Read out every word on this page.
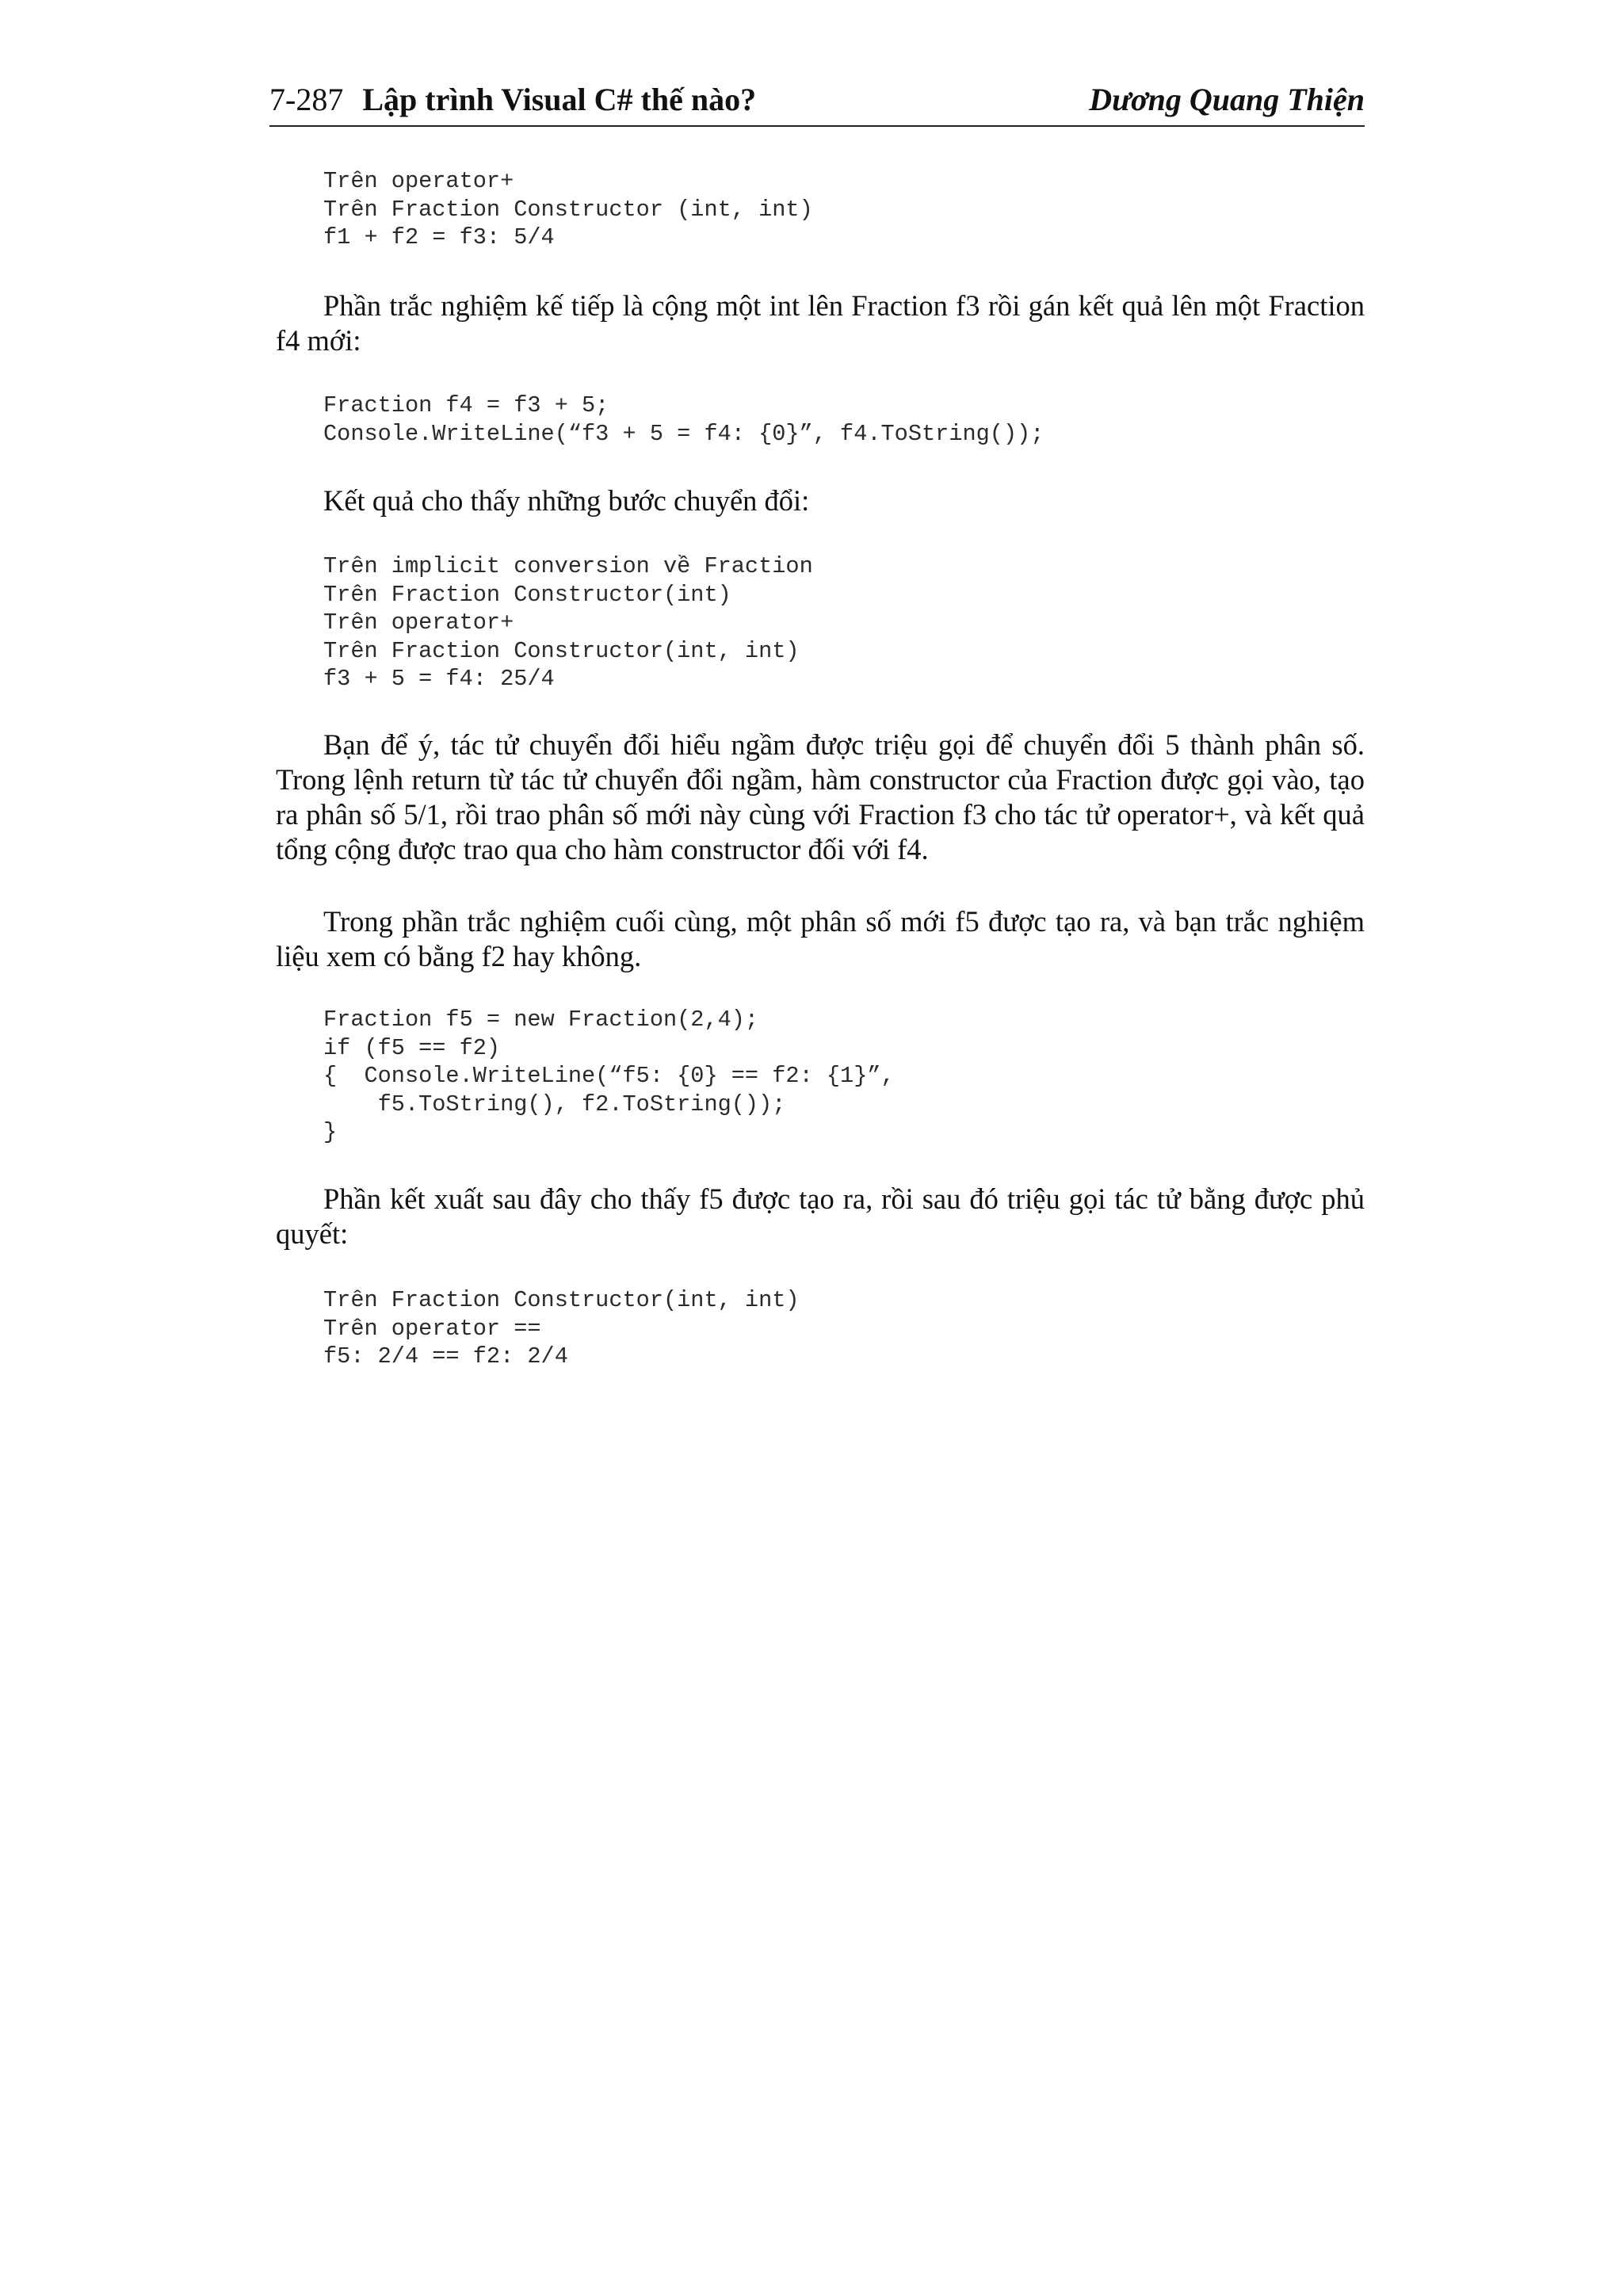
7-287 Lập trình Visual C# thế nào?	Dương Quang Thiện
Trên operator+
Trên Fraction Constructor (int, int)
f1 + f2 = f3: 5/4

Phần trắc nghiệm kế tiếp là cộng một int lên Fraction f3 rồi gán kết quả lên một Fraction f4 mới:

Fraction f4 = f3 + 5;
Console.WriteLine(“f3 + 5 = f4: {0}”, f4.ToString());

Kết quả cho thấy những bước chuyển đổi:

Trên implicit conversion về Fraction
Trên Fraction Constructor(int)
Trên operator+
Trên Fraction Constructor(int, int)
f3 + 5 = f4: 25/4

Bạn để ý, tác tử chuyển đổi hiểu ngầm được triệu gọi để chuyển đổi 5 thành phân số. Trong lệnh return từ tác tử chuyển đổi ngầm, hàm constructor của Fraction được gọi vào, tạo ra phân số 5/1, rồi trao phân số mới này cùng với Fraction f3 cho tác tử operator+, và kết quả tổng cộng được trao qua cho hàm constructor đối với f4.

Trong phần trắc nghiệm cuối cùng, một phân số mới f5 được tạo ra, và bạn trắc nghiệm liệu xem có bằng f2 hay không.

Fraction f5 = new Fraction(2,4);
if (f5 == f2)
{  Console.WriteLine(“f5: {0} == f2: {1}”,
f5.ToString(), f2.ToString());
}

Phần kết xuất sau đây cho thấy f5 được tạo ra, rồi sau đó triệu gọi tác tử bằng được phủ quyết:

Trên Fraction Constructor(int, int)
Trên operator ==
f5: 2/4 == f2: 2/4
